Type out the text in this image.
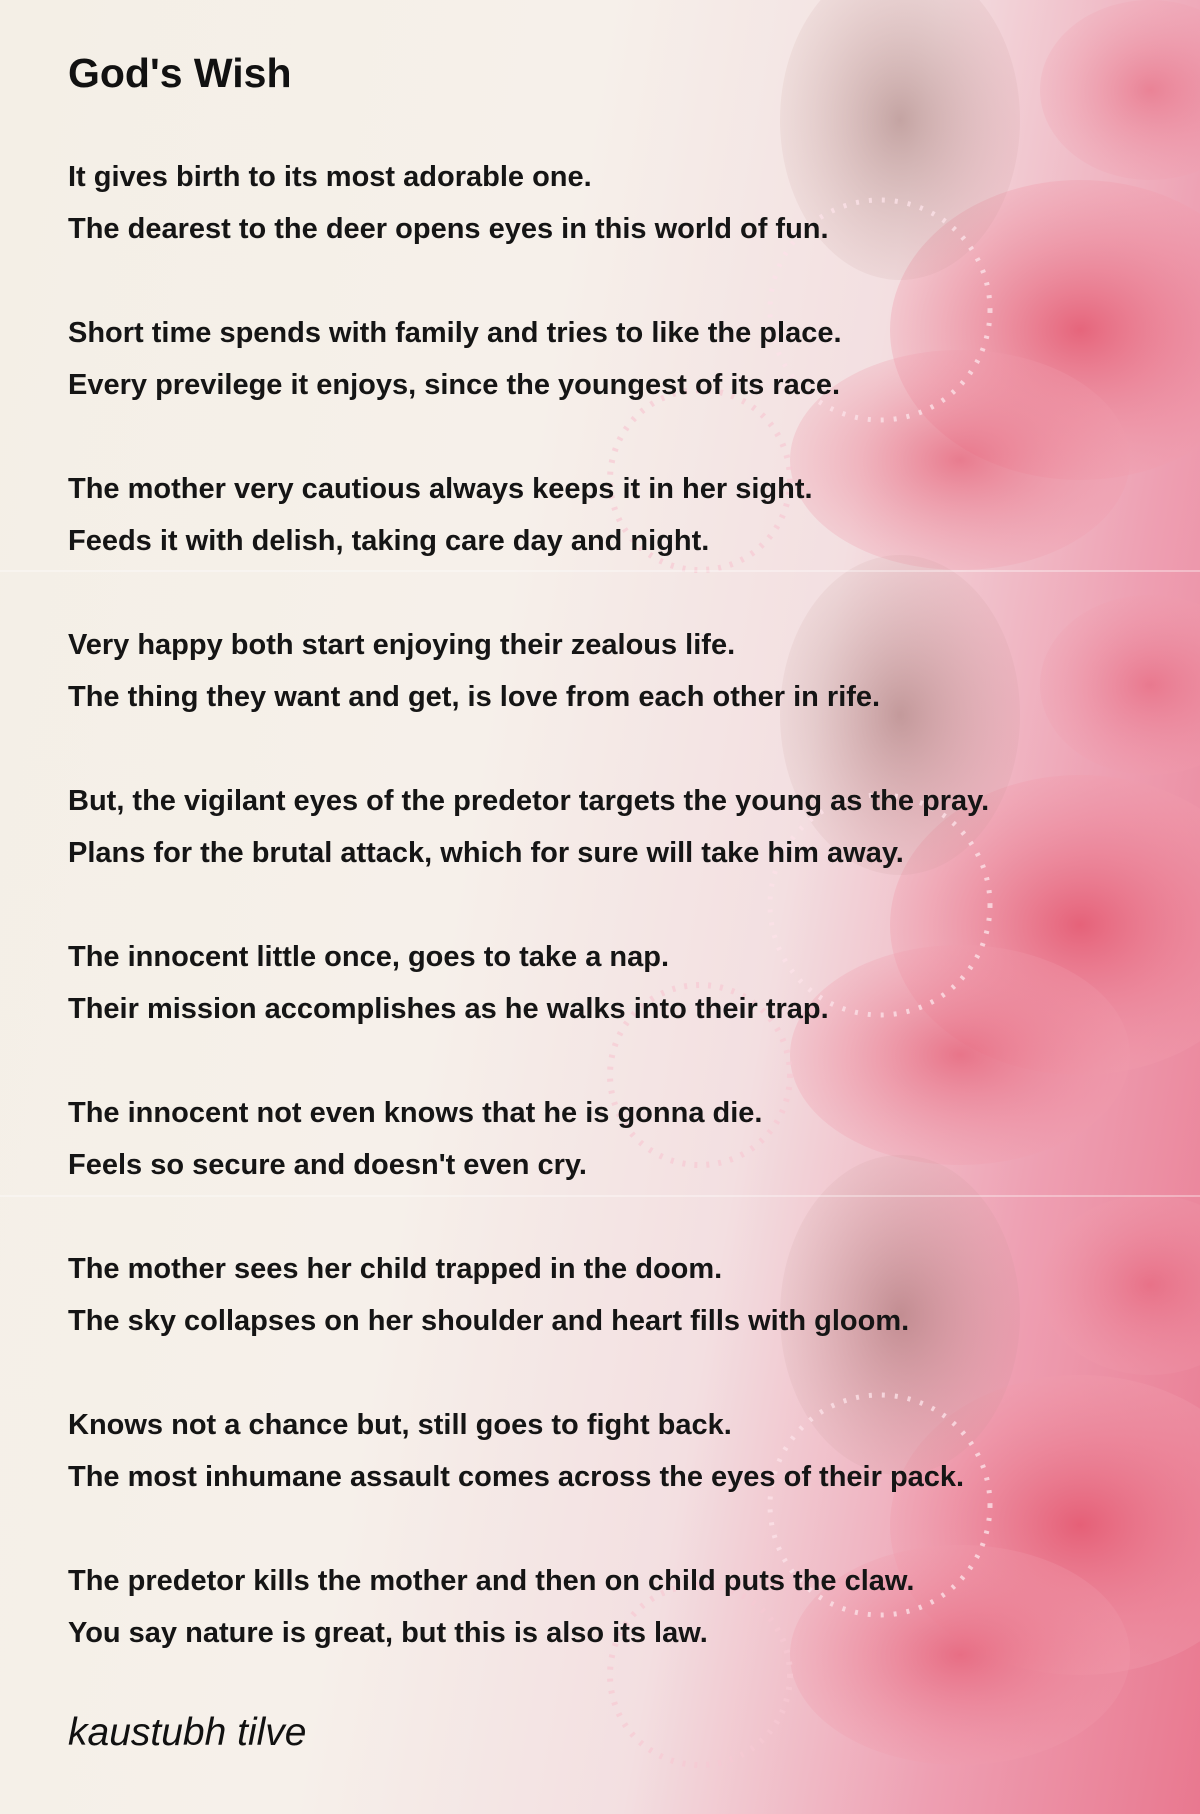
God's Wish
It gives birth to its most adorable one.
The dearest to the deer opens eyes in this world of fun.
Short time spends with family and tries to like the place.
Every previlege it enjoys, since the youngest of its race.
The mother very cautious always keeps it in her sight.
Feeds it with delish, taking care day and night.
Very happy both start enjoying their zealous life.
The thing they want and get, is love from each other in rife.
But, the vigilant eyes of the predetor targets the young as the pray.
Plans for the brutal attack, which for sure will take him away.
The innocent little once, goes to take a nap.
Their mission accomplishes as he walks into their trap.
The innocent not even knows that he is gonna die.
Feels so secure and doesn't even cry.
The mother sees her child trapped in the doom.
The sky collapses on her shoulder and heart fills with gloom.
Knows not a chance but, still goes to fight back.
The most inhumane assault comes across the eyes of their pack.
The predetor kills the mother and then on child puts the claw.
You say nature is great, but this is also its law.
kaustubh tilve
